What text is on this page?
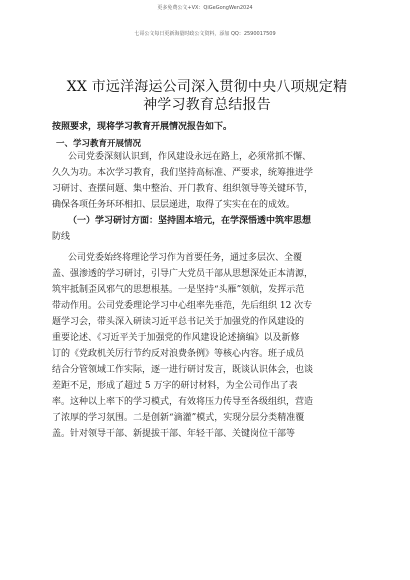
更多免费公文+VX：QiGeGongWen2024
七哥公文每日更新海量时政公文资料，添加 QQ：2590017509
XX 市远洋海运公司深入贯彻中央八项规定精
神学习教育总结报告
按照要求，现将学习教育开展情况报告如下。
一、学习教育开展情况
公司党委深刻认识到，作风建设永远在路上，必须常抓不懈、
久久为功。本次学习教育，我们坚持高标准、严要求，统筹推进学
习研讨、查摆问题、集中整治、开门教育、组织领导等关键环节，
确保各项任务环环相扣、层层递进，取得了实实在在的成效。
（一）学习研讨方面：坚持固本培元，在学深悟透中筑牢思想
防线
公司党委始终将理论学习作为首要任务，通过多层次、全覆
盖、强渗透的学习研讨，引导广大党员干部从思想深处正本清源，
筑牢抵制歪风邪气的思想根基。一是坚持“头雁”领航，发挥示范
带动作用。公司党委理论学习中心组率先垂范，先后组织 12 次专
题学习会，带头深入研读习近平总书记关于加强党的作风建设的
重要论述、《习近平关于加强党的作风建设论述摘编》以及新修
订的《党政机关厉行节约反对浪费条例》等核心内容。班子成员
结合分管领域工作实际，逐一进行研讨发言，既谈认识体会，也谈
差距不足，形成了超过 5 万字的研讨材料，为全公司作出了表
率。这种以上率下的学习模式，有效将压力传导至各级组织，营造
了浓厚的学习氛围。二是创新“滴灌”模式，实现分层分类精准覆
盖。针对领导干部、新提拔干部、年轻干部、关键岗位干部等
